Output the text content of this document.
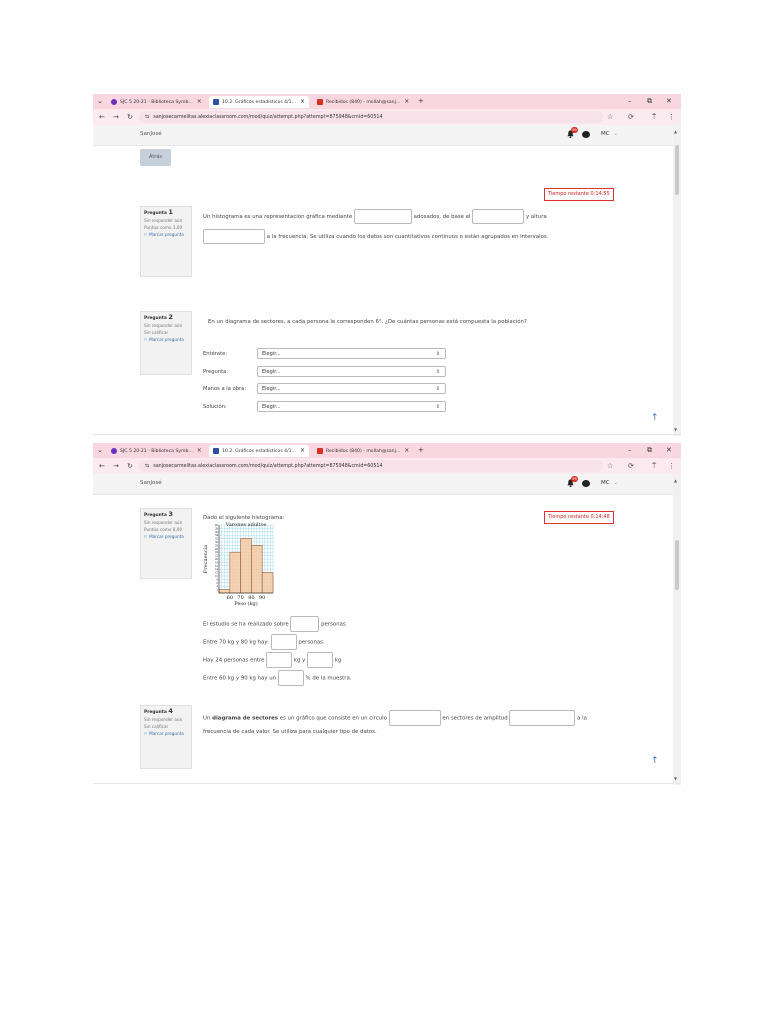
⌄	SJC 5 20-21 - Biblioteca Symb... ×	10.2. Gráficos estadísticos 4/1... ×	Recibidos (840) - mollah@sanj... ×	+	– ⧉ ✕
← → ↻	⇆ sanjosecarmelitas.alexiaclassroom.com/mod/quiz/attempt.php?attempt=875948&cmid=60514	☆ ⟳	⍑ ⋮
SanJosé
99
MC ⌄	▲
▼
Atrás
Tiempo restante 0:14:55
Pregunta 1
Sin responder aún
Puntúa como 3,00
⚐ Marcar pregunta
Un histograma es una representación gráfica mediante	adosados, de base el	y altura
a la frecuencia. Se utiliza cuando los datos son cuantitativos continuos o están agrupados en intervalos.
Pregunta 2
Sin responder aún
Sin calificar
⚐ Marcar pregunta
En un diagrama de sectores, a cada persona le corresponden 6°. ¿De cuántas personas está compuesta la población?
Entérate:	Elegir...	⇕
Pregunta:	Elegir...	⇕
Manos a la obra:	Elegir...	⇕
Solución:	Elegir...	⇕
↑
⌄	SJC 5 20-21 - Biblioteca Symb... ×	10.2. Gráficos estadísticos 4/1... ×	Recibidos (840) - mollah@sanj... ×	+	– ⧉ ✕
← → ↻	⇆ sanjosecarmelitas.alexiaclassroom.com/mod/quiz/attempt.php?attempt=875948&cmid=60514	☆ ⟳	⍑ ⋮
SanJosé
99
MC ⌄	▲
▼
Tiempo restante 0:14:48
Pregunta 3
Sin responder aún
Puntúa como 8,00
⚐ Marcar pregunta
Dado el siguiente histograma:
2
4
6
8
10
12
14
16
18
20
22
24
26
28
30
32
34
36
38
40
60 70 80 90
Varones adultos
Peso (kg)
Frecuencia
El estudio se ha realizado sobre	personas.
Entre 70 kg y 80 kg hay:	personas.
Hay 24 personas entre	kg y	kg
Entre 60 kg y 90 kg hay un	% de la muestra.
Pregunta 4
Sin responder aún
Sin calificar
⚐ Marcar pregunta
Un diagrama de sectores es un gráfico que consiste en un círculo	en sectores de amplitud	a la
frecuencia de cada valor. Se utiliza para cualquier tipo de datos.
↑
